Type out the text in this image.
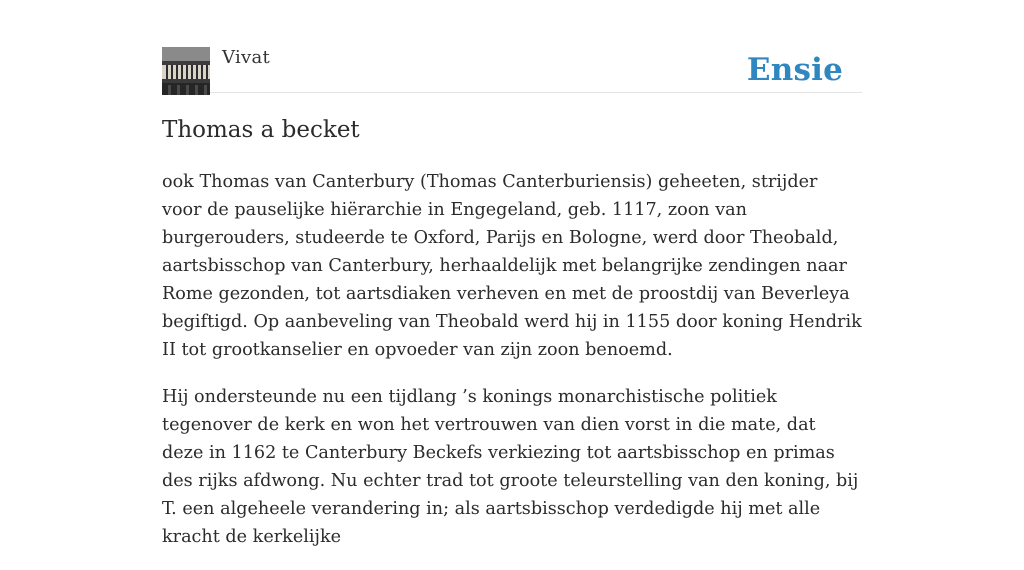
Vivat	Ensie
Thomas a becket

ook Thomas van Canterbury (Thomas Canterburiensis) geheeten, strijder voor de pauselijke hiërarchie in Engegeland, geb. 1117, zoon van burgerouders, studeerde te Oxford, Parijs en Bologne, werd door Theobald, aartsbisschop van Canterbury, herhaaldelijk met belangrijke zendingen naar Rome gezonden, tot aartsdiaken verheven en met de proostdij van Beverleya begiftigd. Op aanbeveling van Theobald werd hij in 1155 door koning Hendrik II tot grootkanselier en opvoeder van zijn zoon benoemd.

Hij ondersteunde nu een tijdlang ’s konings monarchistische politiek tegenover de kerk en won het vertrouwen van dien vorst in die mate, dat deze in 1162 te Canterbury Beckefs verkiezing tot aartsbisschop en primas des rijks afdwong. Nu echter trad tot groote teleurstelling van den koning, bij T. een algeheele verandering in; als aartsbisschop verdedigde hij met alle kracht de kerkelijke
